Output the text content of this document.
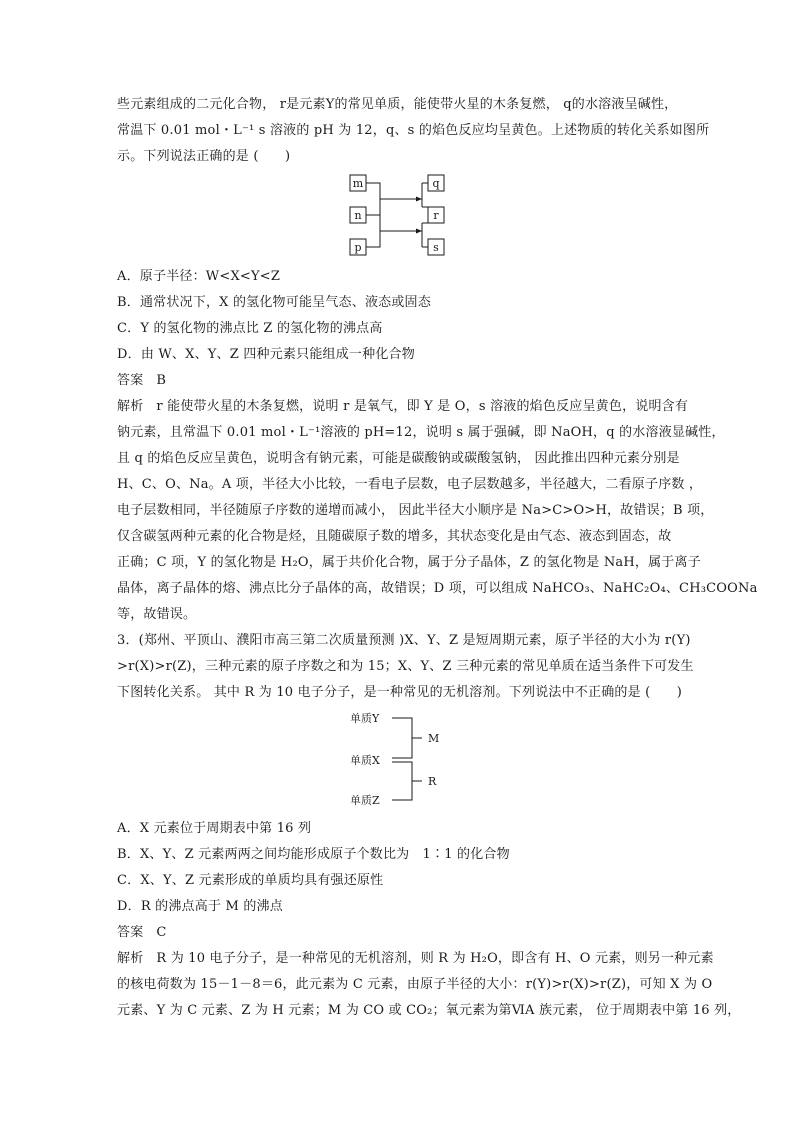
些元素组成的二元化合物， r是元素Y的常见单质，能使带火星的木条复燃， q的水溶液呈碱性，
常温下 0.01 mol・L⁻¹ s 溶液的 pH 为 12，q、s 的焰色反应均呈黄色。上述物质的转化关系如图所
示。下列说法正确的是 (　　)
m
n
p
q
r
s
A．原子半径：W<X<Y<Z
B．通常状况下，X 的氢化物可能呈气态、液态或固态
C．Y 的氢化物的沸点比 Z 的氢化物的沸点高
D．由 W、X、Y、Z 四种元素只能组成一种化合物
答案 B
解析 r 能使带火星的木条复燃，说明 r 是氧气，即 Y 是 O，s 溶液的焰色反应呈黄色，说明含有
钠元素，且常温下 0.01 mol・L⁻¹溶液的 pH=12，说明 s 属于强碱，即 NaOH，q 的水溶液显碱性，
且 q 的焰色反应呈黄色，说明含有钠元素，可能是碳酸钠或碳酸氢钠， 因此推出四种元素分别是
H、C、O、Na。A 项，半径大小比较，一看电子层数，电子层数越多，半径越大，二看原子序数 ，
电子层数相同，半径随原子序数的递增而减小， 因此半径大小顺序是 Na>C>O>H，故错误；B 项，
仅含碳氢两种元素的化合物是烃，且随碳原子数的增多，其状态变化是由气态、液态到固态，故
正确；C 项，Y 的氢化物是 H₂O，属于共价化合物，属于分子晶体，Z 的氢化物是 NaH，属于离子
晶体，离子晶体的熔、沸点比分子晶体的高，故错误；D 项，可以组成 NaHCO₃、NaHC₂O₄、CH₃COONa
等，故错误。
3．(郑州、平顶山、濮阳市高三第二次质量预测 )X、Y、Z 是短周期元素，原子半径的大小为 r(Y)
>r(X)>r(Z)，三种元素的原子序数之和为 15；X、Y、Z 三种元素的常见单质在适当条件下可发生
下图转化关系。 其中 R 为 10 电子分子，是一种常见的无机溶剂。下列说法中不正确的是 (　　)
单质Y
单质X
单质Z
M
R
A．X 元素位于周期表中第 16 列
B．X、Y、Z 元素两两之间均能形成原子个数比为　1∶1 的化合物
C．X、Y、Z 元素形成的单质均具有强还原性
D．R 的沸点高于 M 的沸点
答案 C
解析 R 为 10 电子分子，是一种常见的无机溶剂，则 R 为 H₂O，即含有 H、O 元素，则另一种元素
的核电荷数为 15－1－8＝6，此元素为 C 元素，由原子半径的大小：r(Y)>r(X)>r(Z)，可知 X 为 O
元素、Y 为 C 元素、Z 为 H 元素；M 为 CO 或 CO₂；氧元素为第ⅥA 族元素， 位于周期表中第 16 列，
